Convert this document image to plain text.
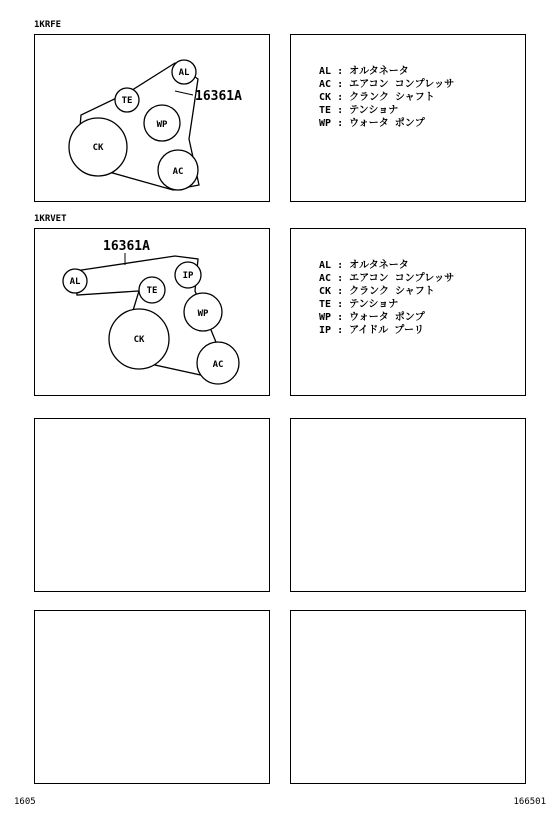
1KRFE
AL
TE
WP
CK
AC
16361A
AL : オルタネータ
AC : エアコン コンプレッサ
CK : クランク シャフト
TE : テンショナ
WP : ウォータ ポンプ
1KRVET
AL
TE
IP
WP
CK
AC
16361A
AL : オルタネータ
AC : エアコン コンプレッサ
CK : クランク シャフト
TE : テンショナ
WP : ウォータ ポンプ
IP : アイドル プーリ
1605	166501
